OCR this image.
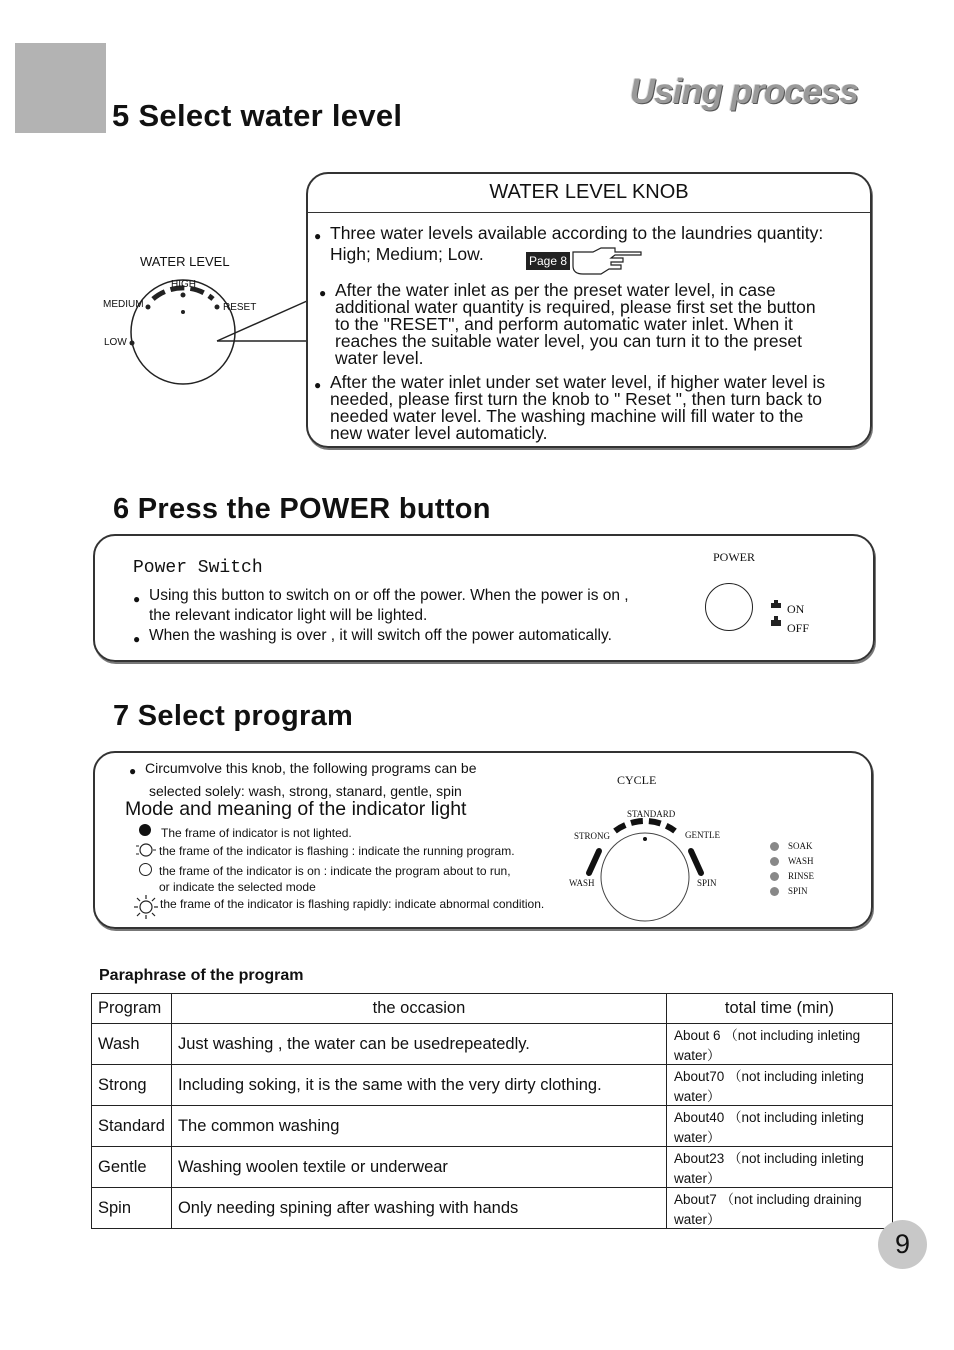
5 Select water level
Using process
WATER LEVEL
HIGH
MEDIUM	RESET
LOW
WATER LEVEL KNOB
● Three water levels available according to the laundries quantity:
High; Medium; Low.	Page 8
● After the water inlet as per the preset water level, in case
additional water quantity is required, please first set the button
to the "RESET", and perform automatic water inlet. When it
reaches the suitable water level, you can turn it to the preset
water level.
● After the water inlet under set water level, if higher water level is
needed, please first turn the knob to " Reset ", then turn back to
needed water level. The washing machine will fill water to the
new water level automaticly.
6 Press the POWER button
Power Switch
● Using this button to switch on or off the power. When the power is on ,
the relevant indicator light will be lighted.
● When the washing is over , it will switch off the power automatically.
POWER
ON
OFF
7 Select program
● Circumvolve this knob, the following programs can be
selected solely: wash, strong, stanard, gentle, spin
Mode and meaning of the indicator light
The frame of indicator is not lighted.
the frame of the indicator is flashing : indicate the running program.
the frame of the indicator is on : indicate the program about to run,
or indicate the selected mode
the frame of the indicator is flashing rapidly: indicate abnormal condition.
CYCLE
STANDARD
STRONG	GENTLE
WASH	SPIN
SOAK
WASH
RINSE
SPIN
Paraphrase of the program
Program	the occasion	total time (min)
Wash	Just washing , the water can be usedrepeatedly.	About 6 （not including inleting water）
Strong	Including soking, it is the same with the very dirty clothing.	About70 （not including inleting water）
Standard	The common washing	About40 （not including inleting water）
Gentle	Washing woolen textile or underwear	About23 （not including inleting water）
Spin	Only needing spining after washing with hands	About7 （not including draining water）
9
